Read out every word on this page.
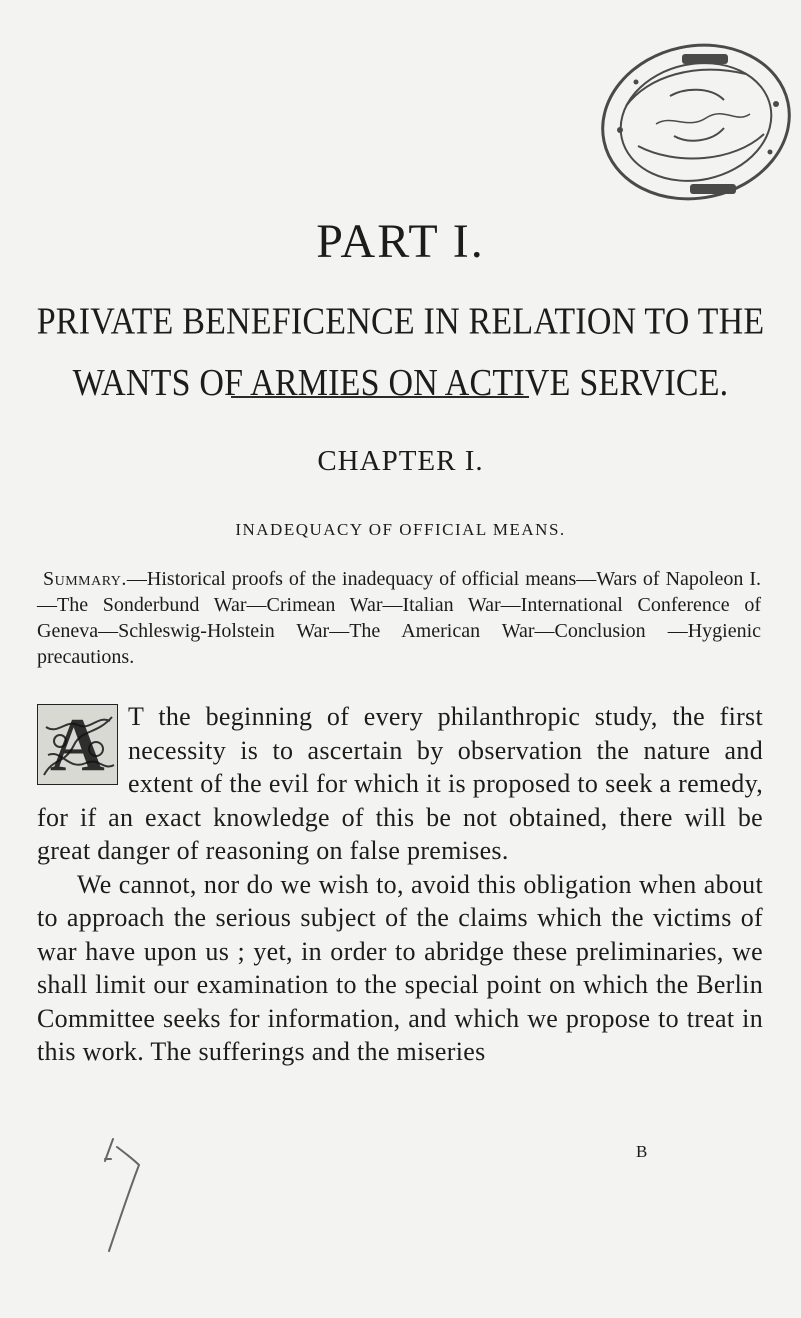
PART I.
PRIVATE BENEFICENCE IN RELATION TO THE
WANTS OF ARMIES ON ACTIVE SERVICE.
CHAPTER I.

INADEQUACY OF OFFICIAL MEANS.

Summary.—Historical proofs of the inadequacy of official means—Wars of Napoleon I.—The Sonderbund War—Crimean War—Italian War—International Conference of Geneva—Schleswig-Holstein War—The American War—Conclusion —Hygienic precautions.

A T the beginning of every philanthropic study, the first necessity is to ascertain by observation the nature and extent of the evil for which it is proposed to seek a remedy, for if an exact knowledge of this be not obtained, there will be great danger of reasoning on false premises.

We cannot, nor do we wish to, avoid this obligation when about to approach the serious subject of the claims which the victims of war have upon us ; yet, in order to abridge these preliminaries, we shall limit our examination to the special point on which the Berlin Committee seeks for information, and which we propose to treat in this work. The sufferings and the miseries

B
